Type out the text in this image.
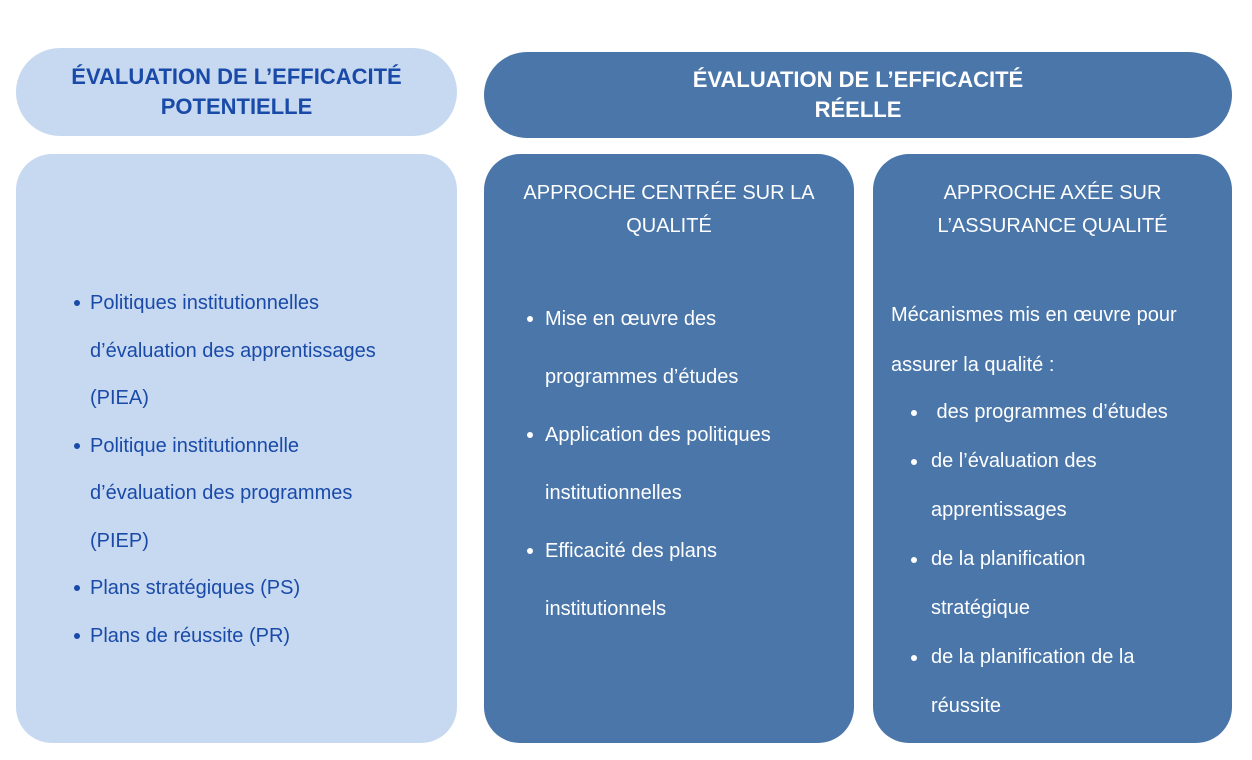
ÉVALUATION DE L’EFFICACITÉ
POTENTIELLE
ÉVALUATION DE L’EFFICACITÉ
RÉELLE
Politiques institutionnelles
d’évaluation des apprentissages
(PIEA)
Politique institutionnelle
d’évaluation des programmes
(PIEP)
Plans stratégiques (PS)
Plans de réussite (PR)
APPROCHE CENTRÉE SUR LA
QUALITÉ
Mise en œuvre des
programmes d’études
Application des politiques
institutionnelles
Efficacité des plans
institutionnels
APPROCHE AXÉE SUR
L’ASSURANCE QUALITÉ
Mécanismes mis en œuvre pour
assurer la qualité :
des programmes d’études
de l’évaluation des
apprentissages
de la planification
stratégique
de la planification de la
réussite
